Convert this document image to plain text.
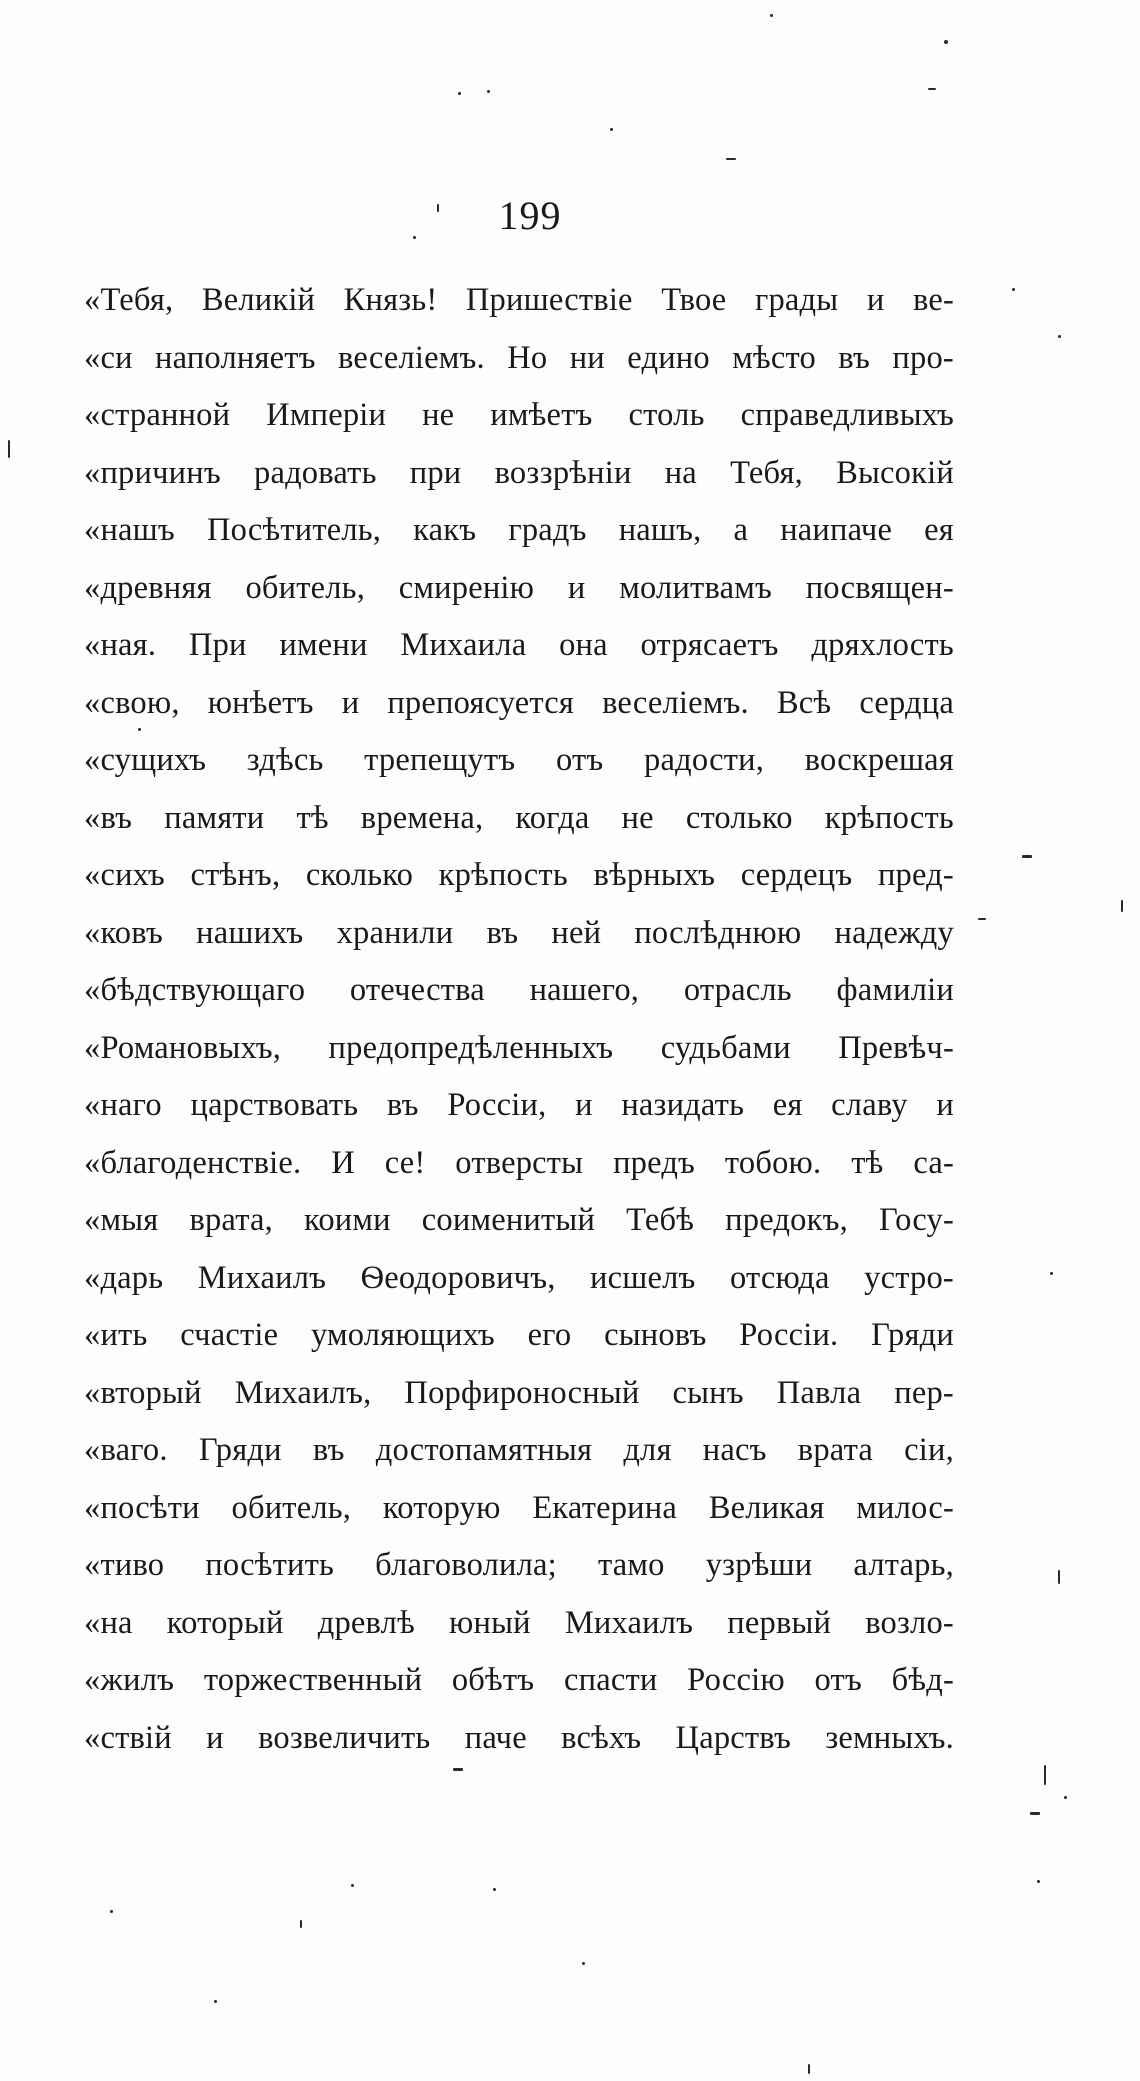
199
«Тебя, Великій Князь! Пришествіе Твое грады и ве-
«си наполняетъ веселіемъ. Но ни едино мѣсто въ про-
«странной Имперіи не имѣетъ столь справедливыхъ
«причинъ радовать при воззрѣніи на Тебя, Высокій
«нашъ Посѣтитель, какъ градъ нашъ, а наипаче ея
«древняя обитель, смиренію и молитвамъ посвящен-
«ная. При имени Михаила она отрясаетъ дряхлость
«свою, юнѣетъ и препоясуется веселіемъ. Всѣ сердца
«сущихъ здѣсь трепещутъ отъ радости, воскрешая
«въ памяти тѣ времена, когда не столько крѣпость
«сихъ стѣнъ, сколько крѣпость вѣрныхъ сердецъ пред-
«ковъ нашихъ хранили въ ней послѣднюю надежду
«бѣдствующаго отечества нашего, отрасль фамиліи
«Романовыхъ, предопредѣленныхъ судьбами Превѣч-
«наго царствовать въ Россіи, и назидать ея славу и
«благоденствіе. И се! отверсты предъ тобою. тѣ са-
«мыя врата, коими соименитый Тебѣ предокъ, Госу-
«дарь Михаилъ Ѳеодоровичъ, исшелъ отсюда устро-
«ить счастіе умоляющихъ его сыновъ Россіи. Гряди
«вторый Михаилъ, Порфироносный сынъ Павла пер-
«ваго. Гряди въ достопамятныя для насъ врата сіи,
«посѣти обитель, которую Екатерина Великая милос-
«тиво посѣтить благоволила; тамо узрѣши алтарь,
«на который древлѣ юный Михаилъ первый возло-
«жилъ торжественный обѣтъ спасти Россію отъ бѣд-
«ствій и возвеличить паче всѣхъ Царствъ земныхъ.
